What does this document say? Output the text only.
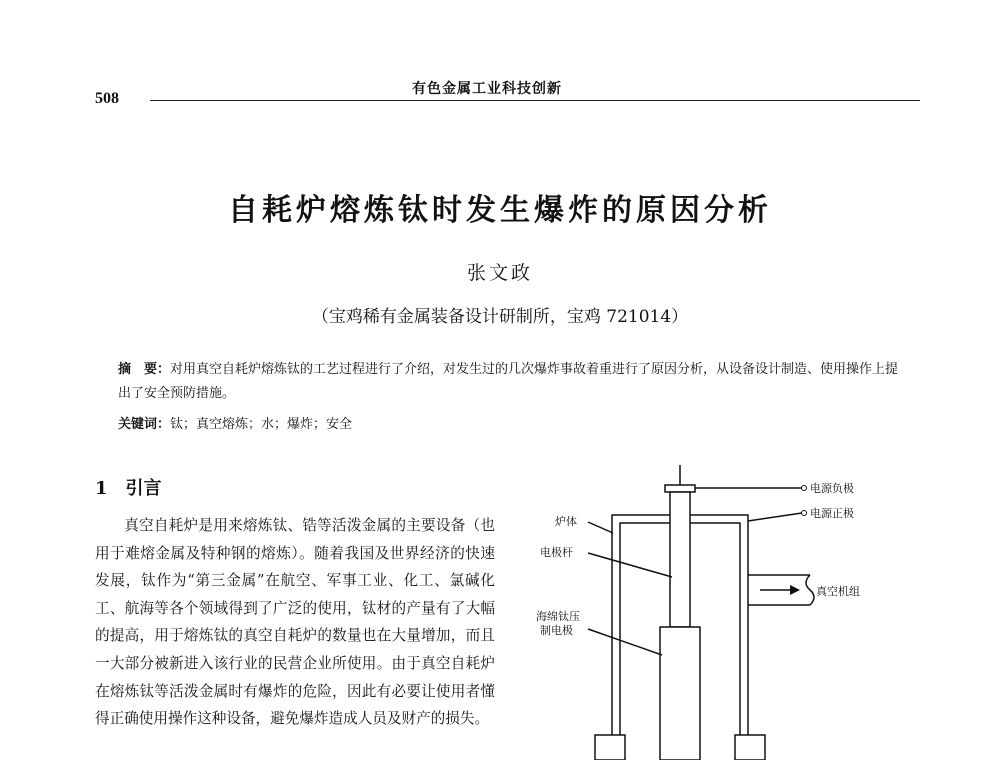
508
有色金属工业科技创新
自耗炉熔炼钛时发生爆炸的原因分析
张文政
（宝鸡稀有金属装备设计研制所，宝鸡 721014）
摘　要：对用真空自耗炉熔炼钛的工艺过程进行了介绍，对发生过的几次爆炸事故着重进行了原因分析，从设备设计制造、使用操作上提出了安全预防措施。
关键词：钛；真空熔炼；水；爆炸；安全
1　引言

真空自耗炉是用来熔炼钛、锆等活泼金属的主要设备（也用于难熔金属及特种钢的熔炼）。随着我国及世界经济的快速发展，钛作为“第三金属”在航空、军事工业、化工、氯碱化工、航海等各个领域得到了广泛的使用，钛材的产量有了大幅的提高，用于熔炼钛的真空自耗炉的数量也在大量增加，而且一大部分被新进入该行业的民营企业所使用。由于真空自耗炉在熔炼钛等活泼金属时有爆炸的危险，因此有必要让使用者懂得正确使用操作这种设备，避免爆炸造成人员及财产的损失。

电源负极
电源正极
炉体
电极杆
真空机组
海绵钛压
制电极
